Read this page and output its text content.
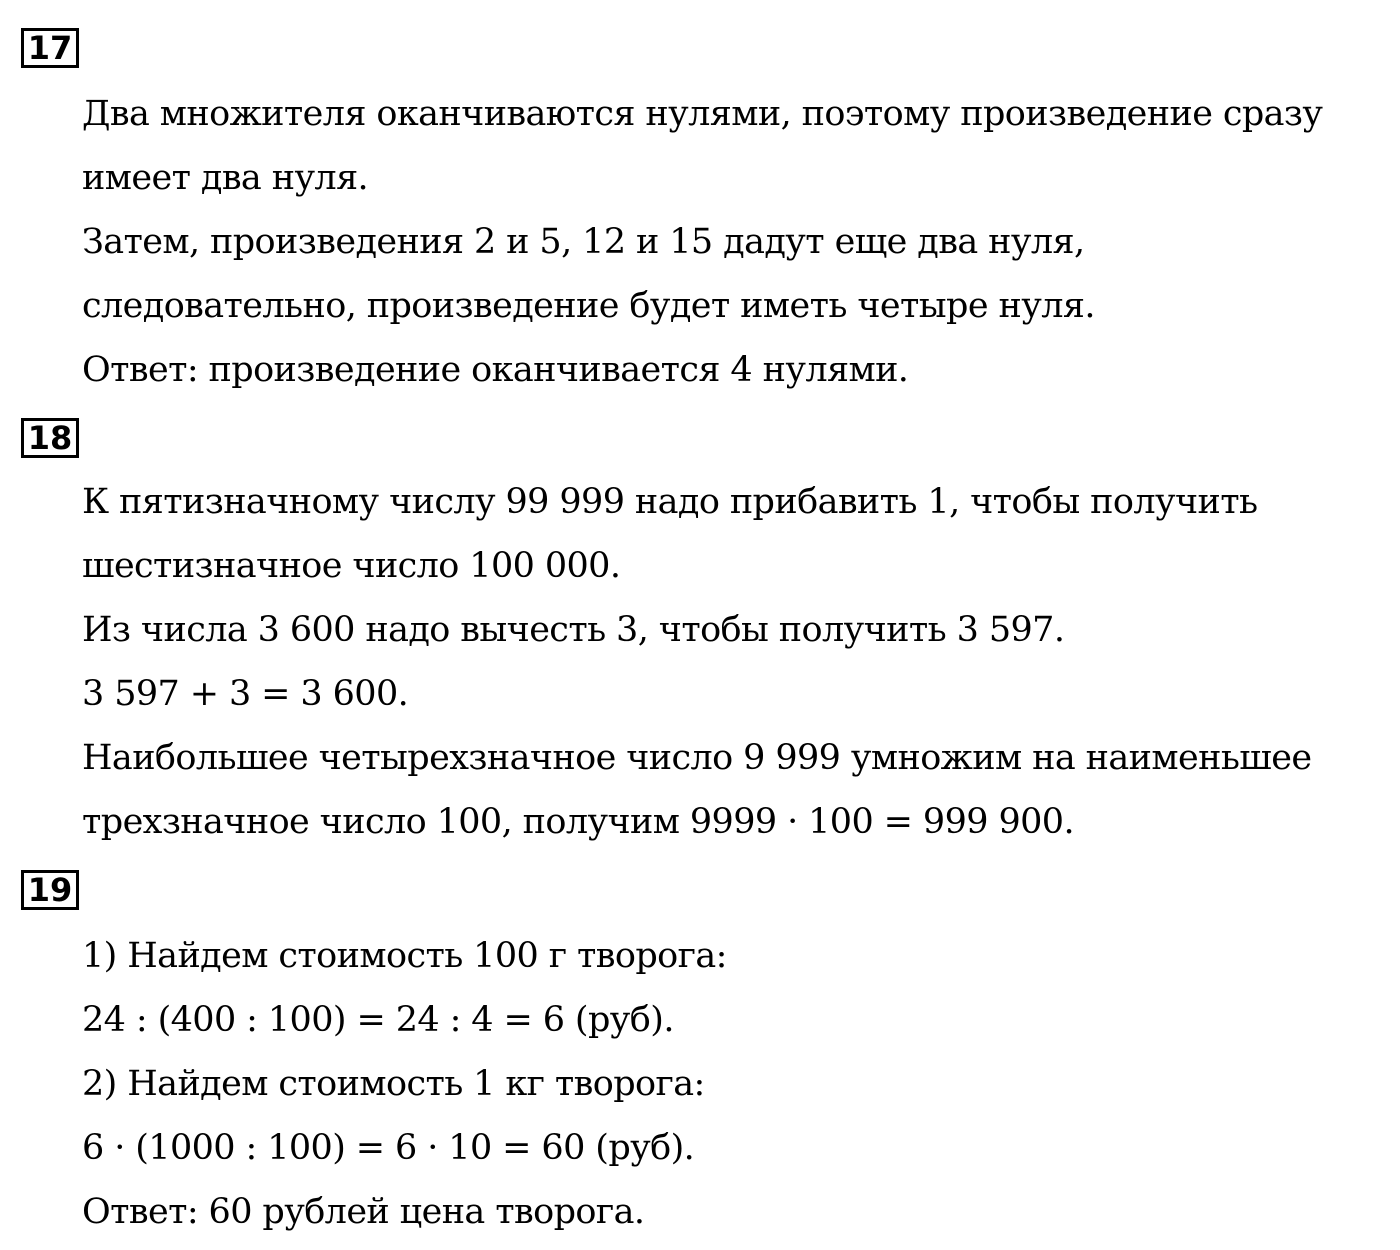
17
Два множителя оканчиваются нулями, поэтому произведение сразу
имеет два нуля.
Затем, произведения 2 и 5, 12 и 15 дадут еще два нуля,
следовательно, произведение будет иметь четыре нуля.
Ответ: произведение оканчивается 4 нулями.
18
К пятизначному числу 99 999 надо прибавить 1, чтобы получить
шестизначное число 100 000.
Из числа 3 600 надо вычесть 3, чтобы получить 3 597.
3 597 + 3 = 3 600.
Наибольшее четырехзначное число 9 999 умножим на наименьшее
трехзначное число 100, получим 9999 · 100 = 999 900.
19
1) Найдем стоимость 100 г творога:
24 : (400 : 100) = 24 : 4 = 6 (руб).
2) Найдем стоимость 1 кг творога:
6 · (1000 : 100) = 6 · 10 = 60 (руб).
Ответ: 60 рублей цена творога.
